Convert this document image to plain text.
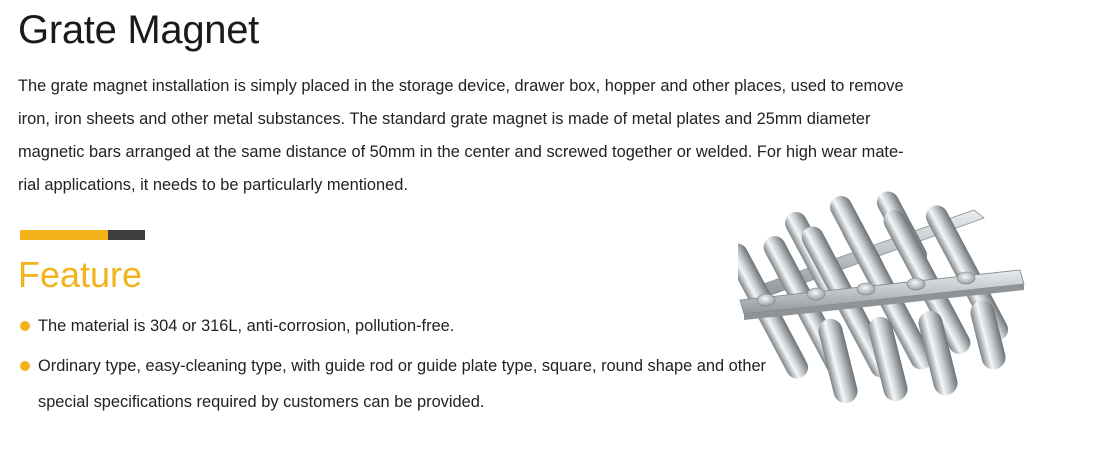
Grate Magnet

The grate magnet installation is simply placed in the storage device, drawer box, hopper and other places, used to remove
iron, iron sheets and other metal substances. The standard grate magnet is made of metal plates and 25mm diameter
magnetic bars arranged at the same distance of 50mm in the center and screwed together or welded. For high wear mate-
rial applications, it needs to be particularly mentioned.

Feature
The material is 304 or 316L, anti-corrosion, pollution-free.
Ordinary type, easy-cleaning type, with guide rod or guide plate type, square, round shape and other special specifications required by customers can be provided.
